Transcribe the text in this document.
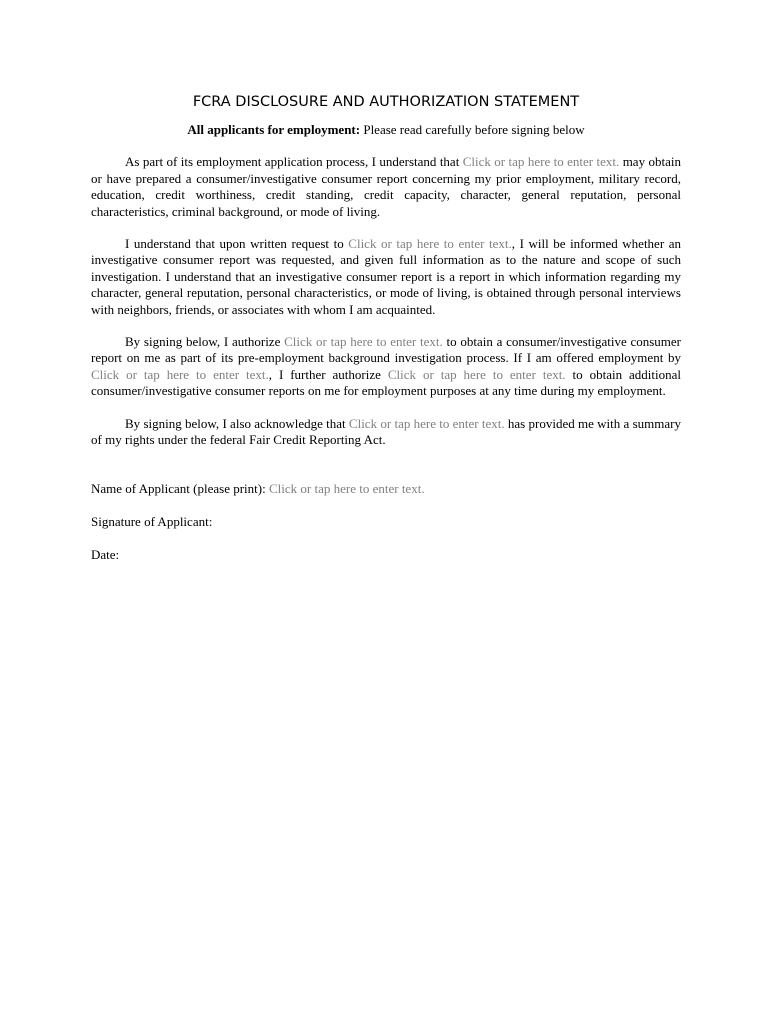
FCRA DISCLOSURE AND AUTHORIZATION STATEMENT
All applicants for employment: Please read carefully before signing below

As part of its employment application process, I understand that Click or tap here to enter text. may obtain or have prepared a consumer/investigative consumer report concerning my prior employment, military record, education, credit worthiness, credit standing, credit capacity, character, general reputation, personal characteristics, criminal background, or mode of living.

I understand that upon written request to Click or tap here to enter text., I will be informed whether an investigative consumer report was requested, and given full information as to the nature and scope of such investigation. I understand that an investigative consumer report is a report in which information regarding my character, general reputation, personal characteristics, or mode of living, is obtained through personal interviews with neighbors, friends, or associates with whom I am acquainted.

By signing below, I authorize Click or tap here to enter text. to obtain a consumer/investigative consumer report on me as part of its pre-employment background investigation process. If I am offered employment by Click or tap here to enter text., I further authorize Click or tap here to enter text. to obtain additional consumer/investigative consumer reports on me for employment purposes at any time during my employment.

By signing below, I also acknowledge that Click or tap here to enter text. has provided me with a summary of my rights under the federal Fair Credit Reporting Act.

Name of Applicant (please print): Click or tap here to enter text.
Signature of Applicant:
Date:
